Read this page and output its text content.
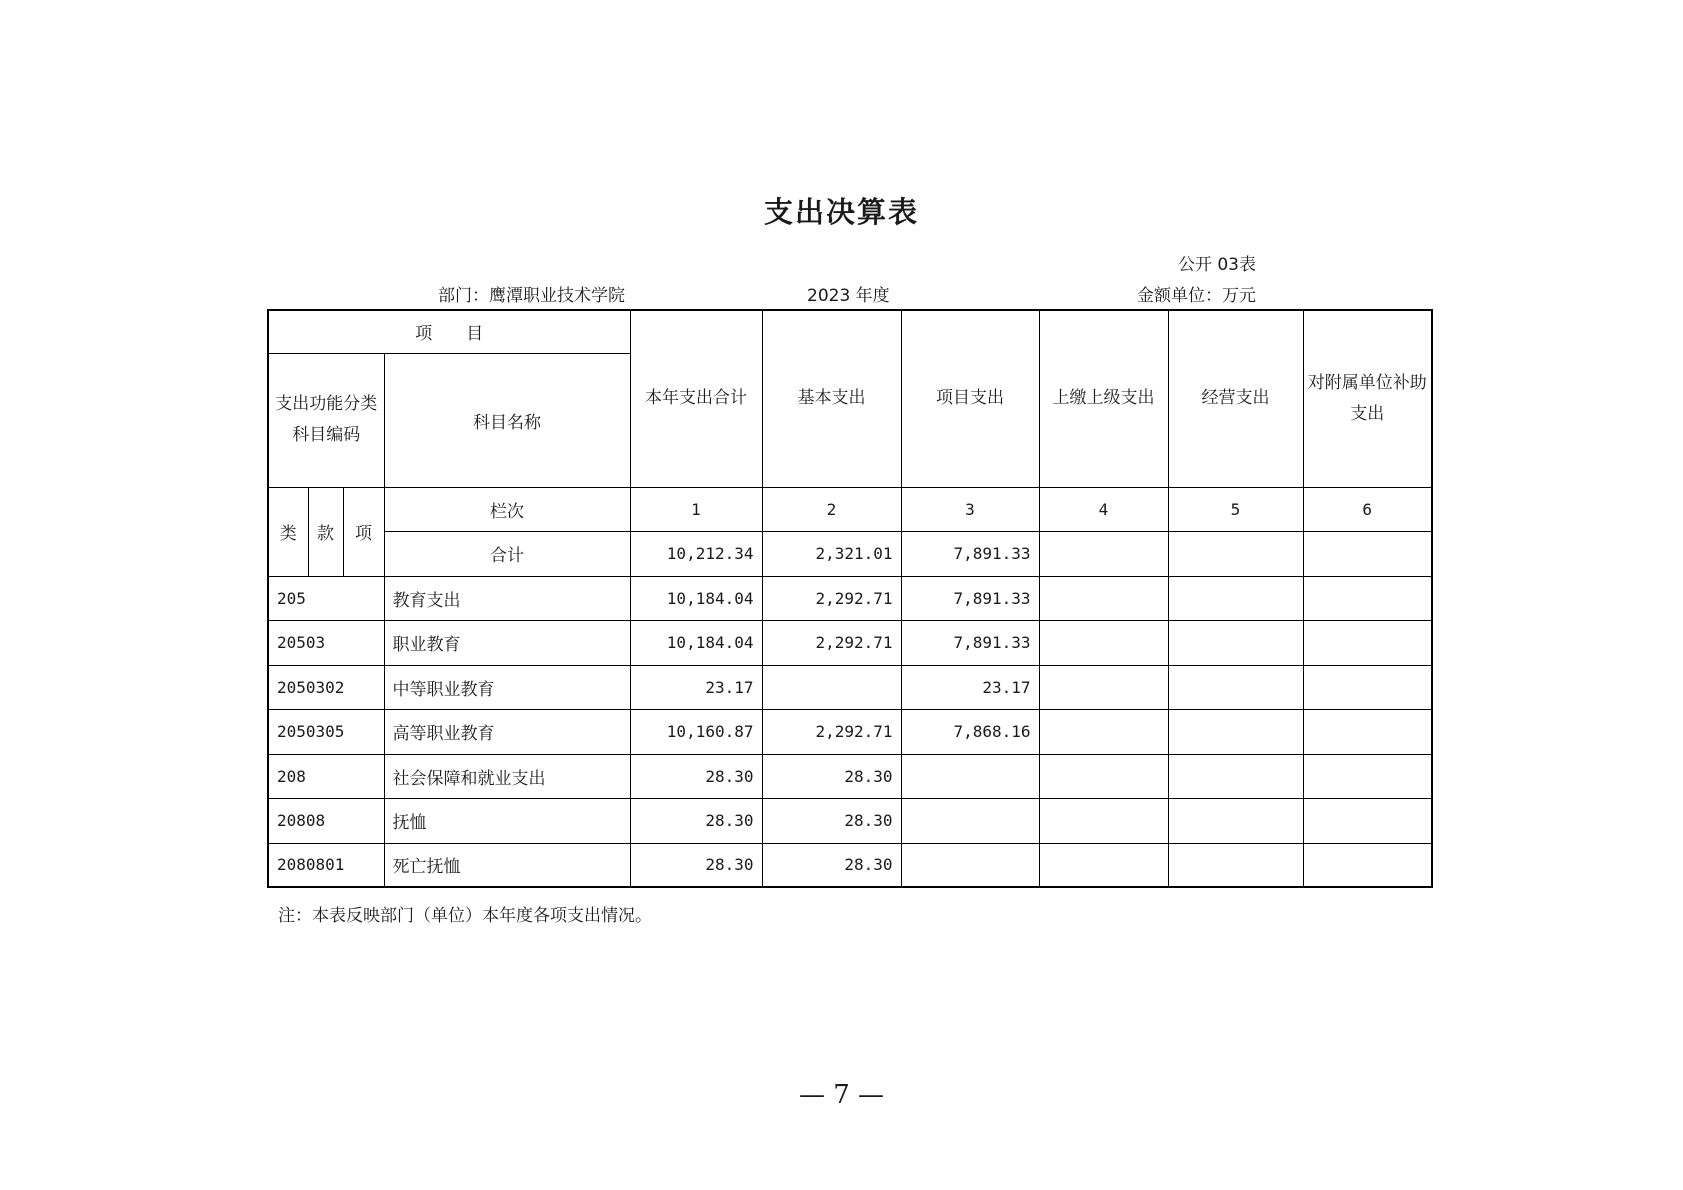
支出决算表
公开 03表
部门：鹰潭职业技术学院	2023 年度	金额单位：万元
项　　目				本年支出合计	基本支出	项目支出	上缴上级支出	经营支出	对附属单位补助支出
支出功能分类科目编码			科目名称						
类	款	项	栏次	1	2	3	4	5	6
			合计	10,212.34	2,321.01	7,891.33			
205			教育支出	10,184.04	2,292.71	7,891.33			
20503			职业教育	10,184.04	2,292.71	7,891.33			
2050302			中等职业教育	23.17		23.17			
2050305			高等职业教育	10,160.87	2,292.71	7,868.16			
208			社会保障和就业支出	28.30	28.30				
20808			抚恤	28.30	28.30				
2080801			死亡抚恤	28.30	28.30				
注：本表反映部门（单位）本年度各项支出情况。
— 7 —
